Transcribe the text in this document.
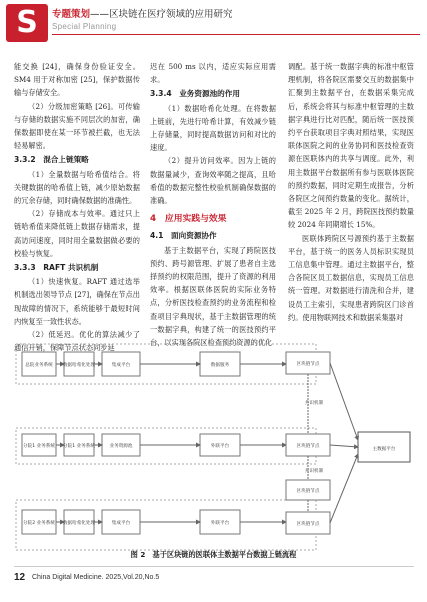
S	专题策划——区块链在医疗领域的应用研究
Special Planning

能交换 [24]，确保身份验证安全。SM4 用于对称加密 [25]，保护数据传输与存储安全。

（2）分级加密策略 [26]。可传输与存储的数据实施不同层次的加密，确保数据即使在某一环节被拦截，也无法轻易解密。

3.3.2　混合上链策略

（1）全量数据与哈希值结合。将关键数据的哈希值上链，减少原始数据的冗余存储，同时确保数据的准确性。

（2）存储成本与效率。通过只上链哈希值来降低链上数据存储需求，提高访问速度，同时用全量数据做必要的校验与恢复。

3.3.3　RAFT 共识机制

（1）快速恢复。RAFT 通过选举机制选出领导节点 [27]，确保在节点出现故障的情况下，系统能够于最短时间内恢复至一致性状态。

（2）低延迟。优化的算法减少了通信开销，保障节点状态同步延

迟在 500 ms 以内，适应实际应用需求。

3.3.4　业务资源池的作用

（1）数据哈希化处理。在将数据上链前，先进行哈希计算，有效减少链上存储量，同时提高数据访问和对比的速度。

（2）提升访问效率。因为上链的数据量减少，查询效率随之提高，且哈希值的数据完整性校验机制确保数据的准确。

4　应用实践与效果
4.1　面向资源协作

基于主数据平台，实现了跨院医技预约、跨号源管理、扩展了患者自主选择预约的权限范围，提升了资源的利用效率。根据医联体医院的实际业务特点，分析医技检查预约的业务流程和检查项目字典现状，基于主数据管理的统一数据字典，构建了统一的医技预约平台，以实现各院区检查预约资源的优化

调配。基于统一数据字典的标准中枢管理机制，将各院区需要交互的数据集中汇聚到主数据平台，在数据采集完成后，系统会将其与标准中枢管理的主数据字典进行比对匹配，随后统一医技预约平台获取项目字典对照结果，实现医联体医院之间的业务协同和医技检查资源在医联体内的共享与调度。此外，利用主数据平台数据所有参与医联体医院的预约数据，同时定期生成报告，分析各院区之间预约数量的变化。据统计，截至 2025 年 2 月，跨院医技预约数量较 2024 年同期增长 15%。

医联体跨院区号源预约基于主数据平台，基于统一的医务人员标识实现员工信息集中管理。通过主数据平台，整合各院区员工数据信息，实现员工信息统一管理。对数据进行清洗和合并，建设员工主索引，实现患者跨院区门诊首约。使用物联网技术和数据采集器对

总院业务系统 数据哈希化处理	集成平台	数据服务
分院1 业务系统 分院1 业务系统	业务资源池	外联平台
分院2 业务系统 数据哈希化处理	集成平台	外联平台
区块链节点
区块链节点
区块链节点
区块链节点
共识机制
共识机制
主数据平台
图 2　基于区块链的医联体主数据平台数据上链流程
12 China Digital Medicine. 2025,Vol.20,No.5
